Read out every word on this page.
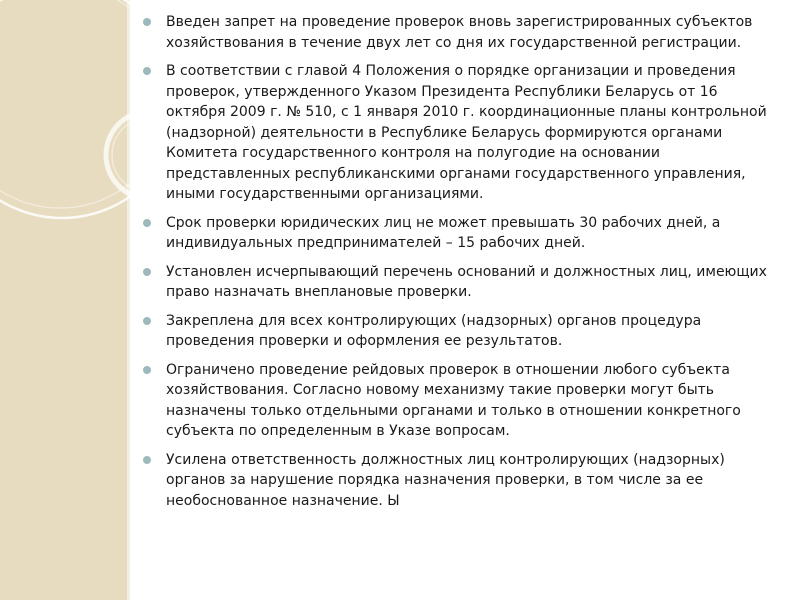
Введен запрет на проведение проверок вновь зарегистрированных субъектов хозяйствования в течение двух лет со дня их государственной регистрации.
В соответствии с главой 4 Положения о порядке организации и проведения проверок, утвержденного Указом Президента Республики Беларусь от 16 октября 2009 г. № 510, с 1 января 2010 г. координационные планы контрольной (надзорной) деятельности в Республике Беларусь формируются органами Комитета государственного контроля на полугодие на основании представленных республиканскими органами государственного управления, иными государственными организациями.
Срок проверки юридических лиц не может превышать 30 рабочих дней, а индивидуальных предпринимателей – 15 рабочих дней.
Установлен исчерпывающий перечень оснований и должностных лиц, имеющих право назначать внеплановые проверки.
Закреплена для всех контролирующих (надзорных) органов процедура проведения проверки и оформления ее результатов.
Ограничено проведение рейдовых проверок в отношении любого субъекта хозяйствования. Согласно новому механизму такие проверки могут быть назначены только отдельными органами и только в отношении конкретного субъекта по определенным в Указе вопросам.
Усилена ответственность должностных лиц контролирующих (надзорных) органов за нарушение порядка назначения проверки, в том числе за ее необоснованное назначение. Ы
